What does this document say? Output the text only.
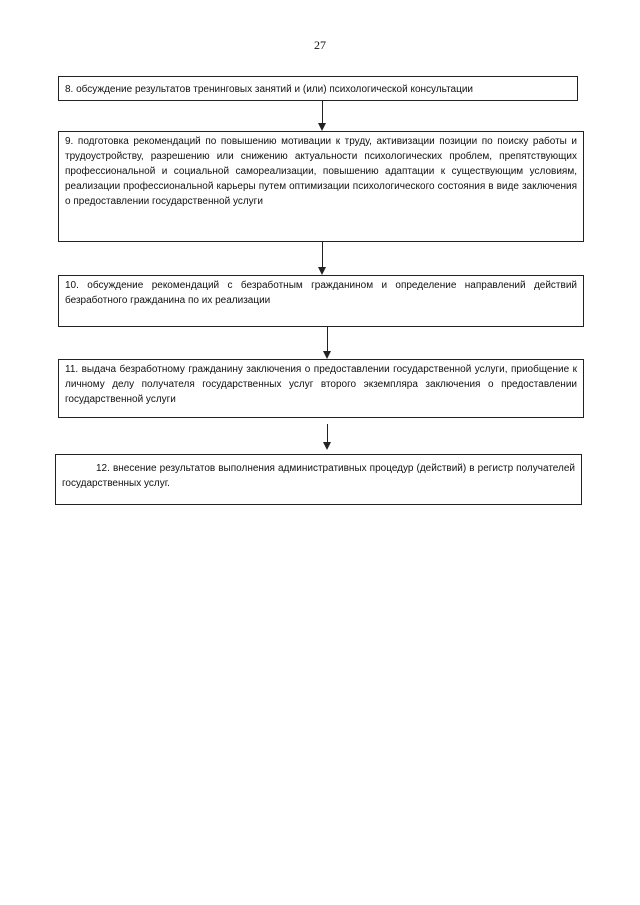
27

8. обсуждение результатов тренинговых занятий и (или) психологической консультации

9. подготовка рекомендаций по повышению мотивации к труду, активизации позиции по поиску работы и трудоустройству, разрешению или снижению актуальности психологических проблем, препятствующих профессиональной и социальной самореализации, повышению адаптации к существующим условиям, реализации профессиональной карьеры путем оптимизации психологического состояния в виде заключения о предоставлении государственной услуги

10. обсуждение рекомендаций с безработным гражданином и определение направлений действий безработного гражданина по их реализации

11. выдача безработному гражданину заключения о предоставлении государственной услуги, приобщение к личному делу получателя государственных услуг второго экземпляра заключения о предоставлении государственной услуги

12. внесение результатов выполнения административных процедур (действий) в регистр получателей государственных услуг.
